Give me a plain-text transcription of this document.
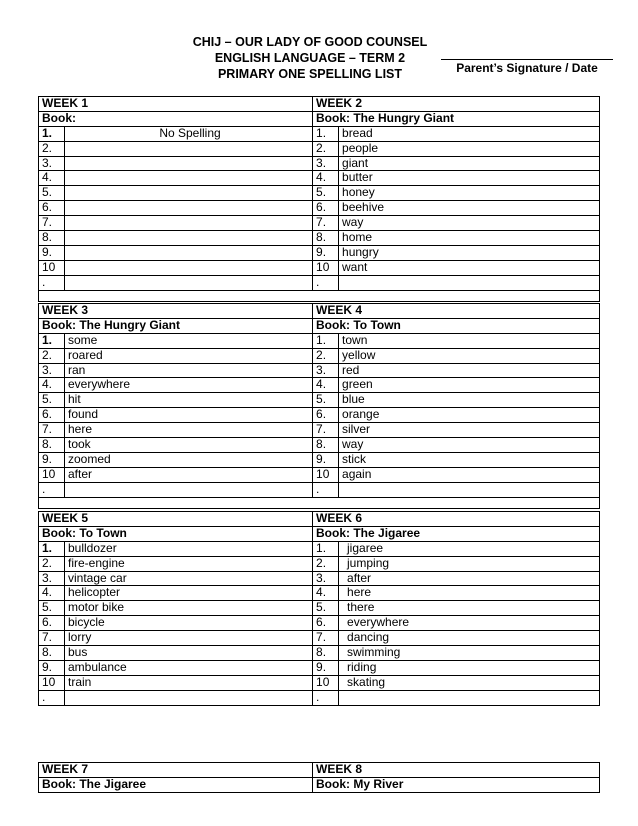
CHIJ – OUR LADY OF GOOD COUNSEL
ENGLISH LANGUAGE – TERM 2
PRIMARY ONE SPELLING LIST	Parent’s Signature / Date
WEEK 1		WEEK 2	
Book:		Book: The Hungry Giant	
1.	No Spelling	1.	bread
2.		2.	people
3.		3.	giant
4.		4.	butter
5.		5.	honey
6.		6.	beehive
7.		7.	way
8.		8.	home
9.		9.	hungry
10		10	want
.		.	

WEEK 3		WEEK 4	
Book: The Hungry Giant		Book: To Town	
1.	some	1.	town
2.	roared	2.	yellow
3.	ran	3.	red
4.	everywhere	4.	green
5.	hit	5.	blue
6.	found	6.	orange
7.	here	7.	silver
8.	took	8.	way
9.	zoomed	9.	stick
10	after	10	again
.		.	

WEEK 5		WEEK 6	
Book: To Town		Book: The Jigaree	
1.	bulldozer	1.	jigaree
2.	fire-engine	2.	jumping
3.	vintage car	3.	after
4.	helicopter	4.	here
5.	motor bike	5.	there
6.	bicycle	6.	everywhere
7.	lorry	7.	dancing
8.	bus	8.	swimming
9.	ambulance	9.	riding
10	train	10	skating
.		.	
WEEK 7	WEEK 8
Book: The Jigaree	Book: My River
